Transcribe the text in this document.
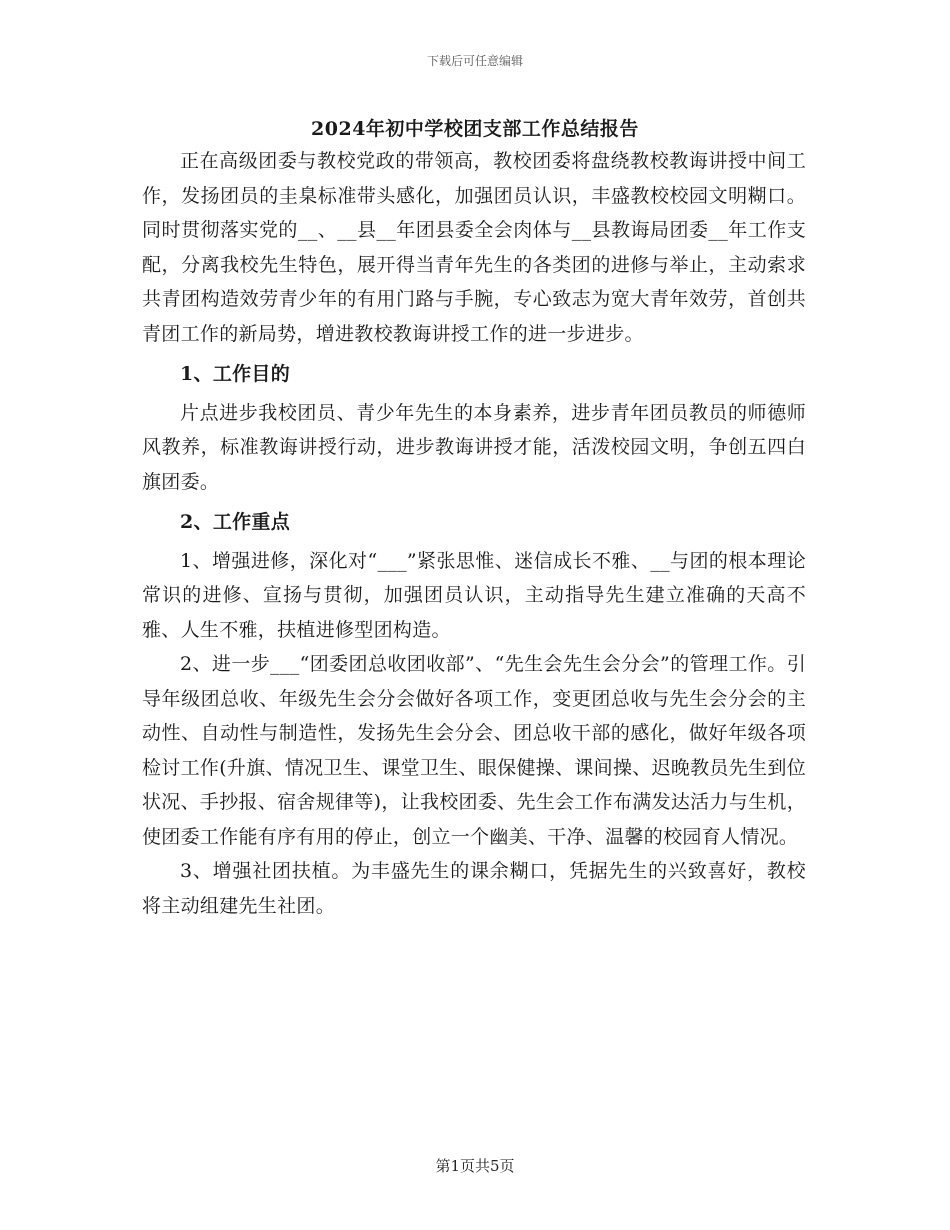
下载后可任意编辑
2024年初中学校团支部工作总结报告

正在高级团委与教校党政的带领高，教校团委将盘绕教校教诲讲授中间工作，发扬团员的圭臬标准带头感化，加强团员认识，丰盛教校校园文明糊口。同时贯彻落实党的__、__县__年团县委全会肉体与__县教诲局团委__年工作支配，分离我校先生特色，展开得当青年先生的各类团的进修与举止，主动索求共青团构造效劳青少年的有用门路与手腕，专心致志为宽大青年效劳，首创共青团工作的新局势，增进教校教诲讲授工作的进一步进步。

1、工作目的

片点进步我校团员、青少年先生的本身素养，进步青年团员教员的师德师风教养，标准教诲讲授行动，进步教诲讲授才能，活泼校园文明，争创五四白旗团委。

2、工作重点

1、增强进修，深化对“___”紧张思惟、迷信成长不雅、__与团的根本理论常识的进修、宣扬与贯彻，加强团员认识，主动指导先生建立准确的天高不雅、人生不雅，扶植进修型团构造。

2、进一步___“团委团总收团收部”、“先生会先生会分会”的管理工作。引导年级团总收、年级先生会分会做好各项工作，变更团总收与先生会分会的主动性、自动性与制造性，发扬先生会分会、团总收干部的感化，做好年级各项检讨工作(升旗、情况卫生、课堂卫生、眼保健操、课间操、迟晚教员先生到位状况、手抄报、宿舍规律等)，让我校团委、先生会工作布满发达活力与生机，使团委工作能有序有用的停止，创立一个幽美、干净、温馨的校园育人情况。

3、增强社团扶植。为丰盛先生的课余糊口，凭据先生的兴致喜好，教校将主动组建先生社团。

第1页共5页
